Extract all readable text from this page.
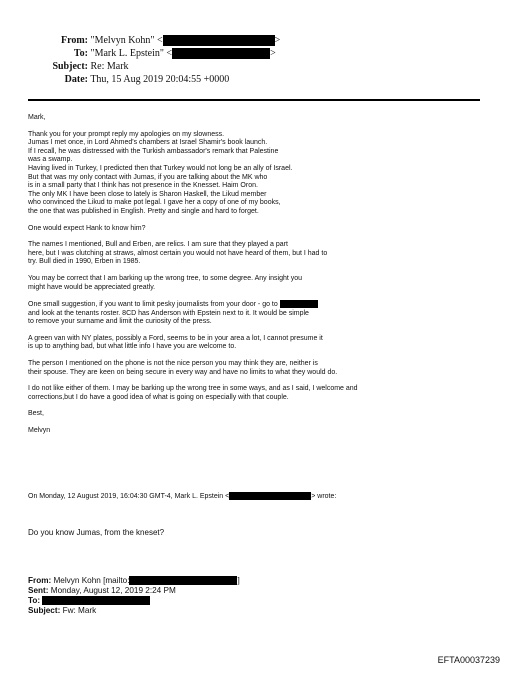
From: "Melvyn Kohn" <	>
To: "Mark L. Epstein" <	>
Subject: Re: Mark
Date: Thu, 15 Aug 2019 20:04:55 +0000

Mark,

Thank you for your prompt reply my apologies on my slowness.
Jumas I met once, in Lord Ahmed's chambers at Israel Shamir's book launch.
If I recall, he was distressed with the Turkish ambassador's remark that Palestine
was a swamp.
Having lived in Turkey, I predicted then that Turkey would not long be an ally of Israel.
But that was my only contact with Jumas, if you are talking about the MK who
is in a small party that I think has not presence in the Knesset. Haim Oron.
The only MK I have been close to lately is Sharon Haskell, the Likud member
who convinced the Likud to make pot legal. I gave her a copy of one of my books,
the one that was published in English. Pretty and single and hard to forget.

One would expect Hank to know him?

The names I mentioned, Bull and Erben, are relics. I am sure that they played a part
here, but I was clutching at straws, almost certain you would not have heard of them, but I had to
try. Bull died in 1990, Erben in 1985.

You may be correct that I am barking up the wrong tree, to some degree. Any insight you
might have would be appreciated greatly.

One small suggestion, if you want to limit pesky journalists from your door - go to

and look at the tenants roster. 8CD has Anderson with Epstein next to it. It would be simple
to remove your surname and limit the curiosity of the press.

A green van with NY plates, possibly a Ford, seems to be in your area a lot, I cannot presume it
is up to anything bad, but what little info I have you are welcome to.

The person I mentioned on the phone is not the nice person you may think they are, neither is
their spouse. They are keen on being secure in every way and have no limits to what they would do.

I do not like either of them. I may be barking up the wrong tree in some ways, and as I said, I welcome and
corrections,but I do have a good idea of what is going on especially with that couple.

Best,

Melvyn

On Monday, 12 August 2019, 16:04:30 GMT-4, Mark L. Epstein <	> wrote:
Do you know Jumas, from the kneset?
From: Melvyn Kohn [mailto:	]
Sent: Monday, August 12, 2019 2:24 PM
To:
Subject: Fw: Mark
EFTA00037239
